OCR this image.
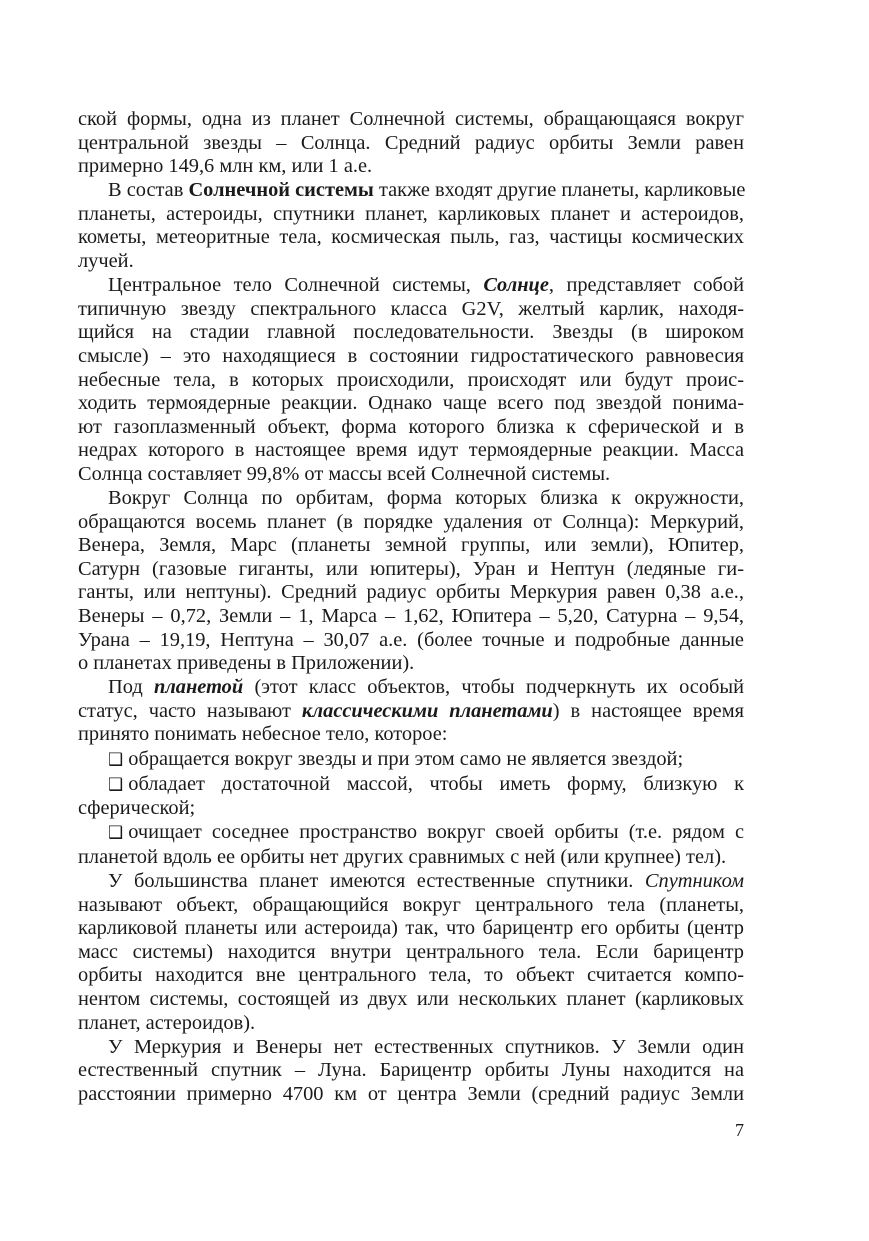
ской формы, одна из планет Солнечной системы, обращающаяся вокруг
центральной звезды – Солнца. Средний радиус орбиты Земли равен
примерно 149,6 млн км, или 1 а.е.
В состав Солнечной системы также входят другие планеты, карликовые
планеты, астероиды, спутники планет, карликовых планет и астероидов,
кометы, метеоритные тела, космическая пыль, газ, частицы космических
лучей.
Центральное тело Солнечной системы, Солнце, представляет собой
типичную звезду спектрального класса G2V, желтый карлик, находя-
щийся на стадии главной последовательности. Звезды (в широком
смысле) – это находящиеся в состоянии гидростатического равновесия
небесные тела, в которых происходили, происходят или будут проис-
ходить термоядерные реакции. Однако чаще всего под звездой понима-
ют газоплазменный объект, форма которого близка к сферической и в
недрах которого в настоящее время идут термоядерные реакции. Масса
Солнца составляет 99,8% от массы всей Солнечной системы.
Вокруг Солнца по орбитам, форма которых близка к окружности,
обращаются восемь планет (в порядке удаления от Солнца): Меркурий,
Венера, Земля, Марс (планеты земной группы, или земли), Юпитер,
Сатурн (газовые гиганты, или юпитеры), Уран и Нептун (ледяные ги-
ганты, или нептуны). Средний радиус орбиты Меркурия равен 0,38 а.е.,
Венеры – 0,72, Земли – 1, Марса – 1,62, Юпитера – 5,20, Сатурна – 9,54,
Урана – 19,19, Нептуна – 30,07 а.е. (более точные и подробные данные
о планетах приведены в Приложении).
Под планетой (этот класс объектов, чтобы подчеркнуть их особый
статус, часто называют классическими планетами) в настоящее время
принято понимать небесное тело, которое:
❑ обращается вокруг звезды и при этом само не является звездой;
❑ обладает достаточной массой, чтобы иметь форму, близкую к
сферической;
❑ очищает соседнее пространство вокруг своей орбиты (т.е. рядом с
планетой вдоль ее орбиты нет других сравнимых с ней (или крупнее) тел).
У большинства планет имеются естественные спутники. Спутником
называют объект, обращающийся вокруг центрального тела (планеты,
карликовой планеты или астероида) так, что барицентр его орбиты (центр
масс системы) находится внутри центрального тела. Если барицентр
орбиты находится вне центрального тела, то объект считается компо-
нентом системы, состоящей из двух или нескольких планет (карликовых
планет, астероидов).
У Меркурия и Венеры нет естественных спутников. У Земли один
естественный спутник – Луна. Барицентр орбиты Луны находится на
расстоянии примерно 4700 км от центра Земли (средний радиус Земли
7
